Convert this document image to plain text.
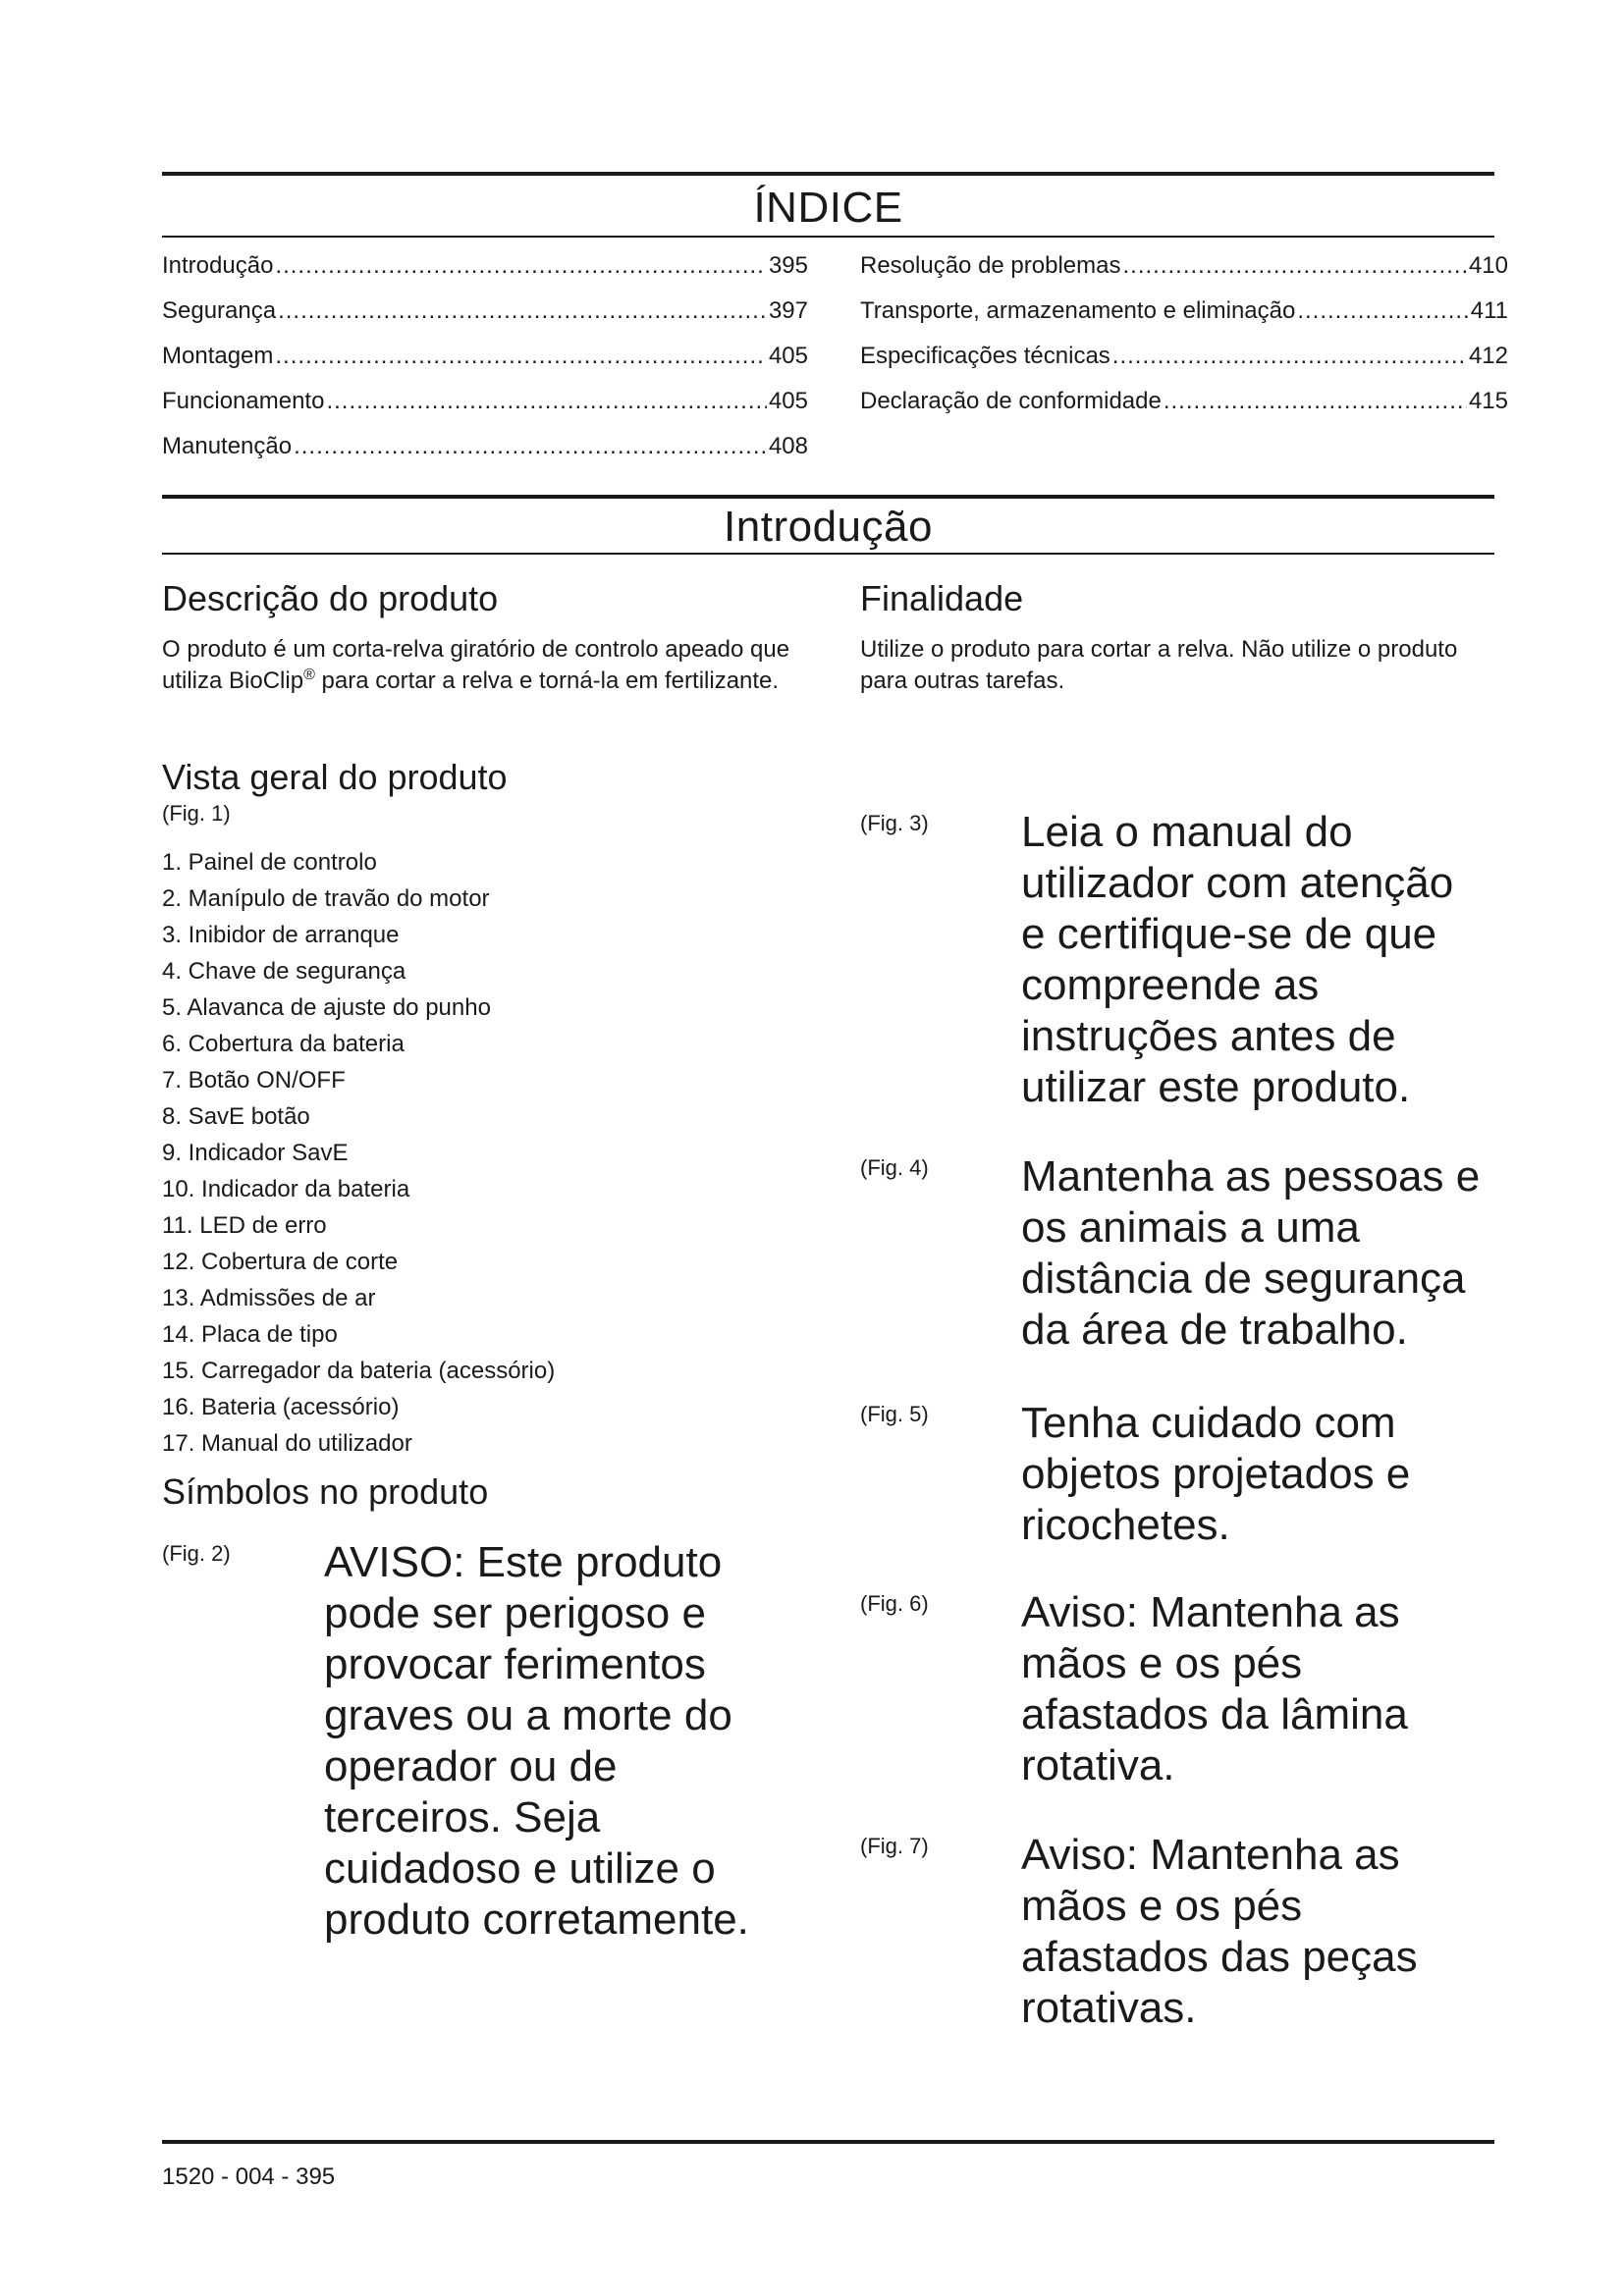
ÍNDICE
Introdução .....	395
Segurança .....	397
Montagem .....	405
Funcionamento .....	405
Manutenção .....	408
Resolução de problemas .....	410
Transporte, armazenamento e eliminação .....	411
Especificações técnicas .....	412
Declaração de conformidade .....	415
Introdução
Descrição do produto

O produto é um corta-relva giratório de controlo apeado que utiliza BioClip® para cortar a relva e torná-la em fertilizante.

Vista geral do produto
(Fig. 1)
1. Painel de controlo
2. Manípulo de travão do motor
3. Inibidor de arranque
4. Chave de segurança
5. Alavanca de ajuste do punho
6. Cobertura da bateria
7. Botão ON/OFF
8. SavE botão
9. Indicador SavE
10. Indicador da bateria
11. LED de erro
12. Cobertura de corte
13. Admissões de ar
14. Placa de tipo
15. Carregador da bateria (acessório)
16. Bateria (acessório)
17. Manual do utilizador
Símbolos no produto
(Fig. 2) AVISO: Este produto pode ser perigoso e provocar ferimentos graves ou a morte do operador ou de terceiros. Seja cuidadoso e utilize o produto corretamente.

Finalidade

Utilize o produto para cortar a relva. Não utilize o produto para outras tarefas.

(Fig. 3) Leia o manual do utilizador com atenção e certifique-se de que compreende as instruções antes de utilizar este produto.

(Fig. 4) Mantenha as pessoas e os animais a uma distância de segurança da área de trabalho.

(Fig. 5) Tenha cuidado com objetos projetados e ricochetes.

(Fig. 6) Aviso: Mantenha as mãos e os pés afastados da lâmina rotativa.

(Fig. 7) Aviso: Mantenha as mãos e os pés afastados das peças rotativas.

1520 - 004 - 395
